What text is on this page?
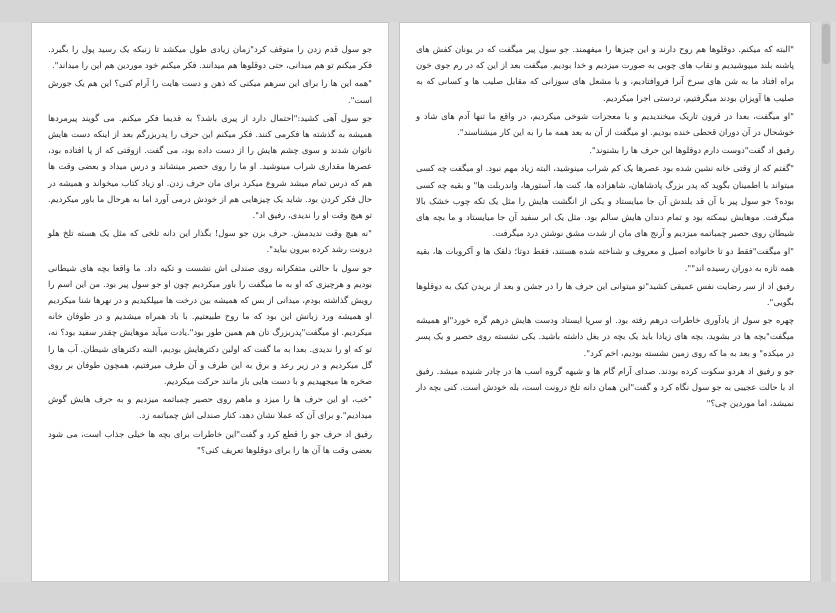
جو سول قدم زدن را متوقف کرد"زمان زیادی طول میکشد تا زنبکه یک رسید پول را بگیرد. فکر میکنم تو هم میدانی، حتی دوقلوها هم میدانند. فکر میکنم خود موردین هم این را میداند".

"همه این ها را برای این سرهم میکنی که ذهن و دست هایت را آرام کنی؟ این هم یک جورش است".

جو سول آهی کشید:"احتمال دارد از پیری باشد؟ به قدیما فکر میکنم. می گویند پیرمردها همیشه به گذشته ها فکرمی کنند. فکر میکنم این حرف را پدربزرگم بعد از اینکه دست هایش ناتوان شدند و سوی چشم هایش را از دست داده بود، می گفت. ازوقتی که از پا افتاده بود، عصرها مقداری شراب مینوشید. او ما را روی حصیر مینشاند و درس میداد و بعضی وقت ها هم که درس تمام میشد شروع میکرد برای مان حرف زدن. او زیاد کتاب میخواند و همیشه در حال فکر کردن بود. شاید یک چیزهایی هم از خودش درمی آورد اما به هرحال ما باور میکردیم. تو هیچ وقت او را ندیدی، رفیق اد".

"نه هیچ وقت ندیدمش. حرف بزن جو سول! بگذار این دانه تلخی که مثل یک هسته تلخ هلو درونت رشد کرده بیرون بیاید".

جو سول با حالتی متفکرانه روی صندلی اش نشست و تکیه داد. ما واقعا بچه های شیطانی بودیم و هرچیزی که او به ما میگفت را باور میکردیم چون او جو سول پیر بود. من این اسم را رویش گذاشته بودم، میدانی از بس که همیشه بین درخت ها میپلکیدیم و در نهرها شنا میکردیم او همیشه ورد زبانش این بود که ما روح طبیعتیم. با باد همراه میشدیم و در طوفان خانه میکردیم. او میگفت"پدربزرگ تان هم همین طور بود".یادت میآید موهایش چقدر سفید بود؟ نه، تو که او را ندیدی. بعدا به ما گفت که اولین دکترهایش بودیم، البته دکترهای شیطان. آب ها را گل میکردیم و در زیر رعد و برق به این طرف و آن طرف میرفتیم، همچون طوفان بر روی صخره ها میجهیدیم و با دست هایی باز مانند حرکت میکردیم.

"خب، او این حرف ها را میزد و ماهم روی حصیر چمباتمه میزدیم و به حرف هایش گوش میدادیم".و برای آن که عملا نشان دهد، کنار صندلی اش چمباتمه زد.

رفیق اد حرف جو را قطع کرد و گفت"این خاطرات برای بچه ها خیلی جذاب است، می شود بعضی وقت ها آن ها را برای دوقلوها تعریف کنی؟"

"البته که میکنم. دوقلوها هم روح دارند و این چیزها را میفهمند. جو سول پیر میگفت که در یونان کفش های پاشنه بلند میپوشیدیم و نقاب های چوبی به صورت میزدیم و خدا بودیم. میگفت بعد از این که در رم جوی خون براه افتاد ما به شن های سرخ آنرا فروافتادیم، و با مشعل های سوزانی که مقابل صلیب ها و کسانی که به صلیب ها آویزان بودند میگرفتیم، تردستی اجرا میکردیم.

"او میگفت، بعدا در قرون تاریک میخندیدیم و با معجزات شوخی میکردیم، در واقع ما تنها آدم های شاد و خوشحال در آن دوران قحطی خنده بودیم. او میگفت از آن به بعد همه ما را به این کار میشناسند".

رفیق اد گفت"دوست دارم دوقلوها این حرف ها را بشنوند".

"گفتم که از وقتی خانه نشین شده بود عصرها یک کم شراب مینوشید، البته زیاد مهم نبود. او میگفت چه کسی میتواند با اطمینان بگوید که پدر بزرگ پادشاهان، شاهزاده ها، کنت ها، آستورها، واندربلت ها" و بقیه چه کسی بوده؟ جو سول پیر با آن قد بلندش آن جا میایستاد و یکی از انگشت هایش را مثل یک تکه چوب خشک بالا میگرفت. موهایش نیمکته بود و تمام دندان هایش سالم بود. مثل یک ابر سفید آن جا میایستاد و ما بچه های شیطان روی حصیر چمباتمه میزدیم و آرنج های مان از شدت مشق نوشتن درد میگرفت.

"او میگفت"فقط دو تا خانواده اصیل و معروف و شناخته شده هستند، فقط دوتا؛ دلقک ها و آکروبات ها، بقیه همه تازه به دوران رسیده اند"".

رفیق اد از سر رضایت نفس عمیقی کشید"تو میتوانی این حرف ها را در جشن و بعد از بریدن کیک به دوقلوها بگویی".

چهره جو سول از یادآوری خاطرات درهم رفته بود. او سرپا ایستاد ودست هایش درهم گره خورد"او همیشه میگفت"بچه ها در بشوید، بچه های زیادا باید یک بچه در بغل داشته باشید. یکی نشسته روی حصیر و یک پسر در میکده" و بعد به ما که روی زمین نشسته بودیم، اخم کرد".

جو و رفیق اد هردو سکوت کرده بودند. صدای آرام گام ها و شیهه گروه اسب ها در چادر شنیده میشد. رفیق اد با حالت عجیبی به جو سول نگاه کرد و گفت"این همان دانه تلخ درونت است، بله خودش است. کنی بچه دار نمیشد، اما موردین چی؟"
